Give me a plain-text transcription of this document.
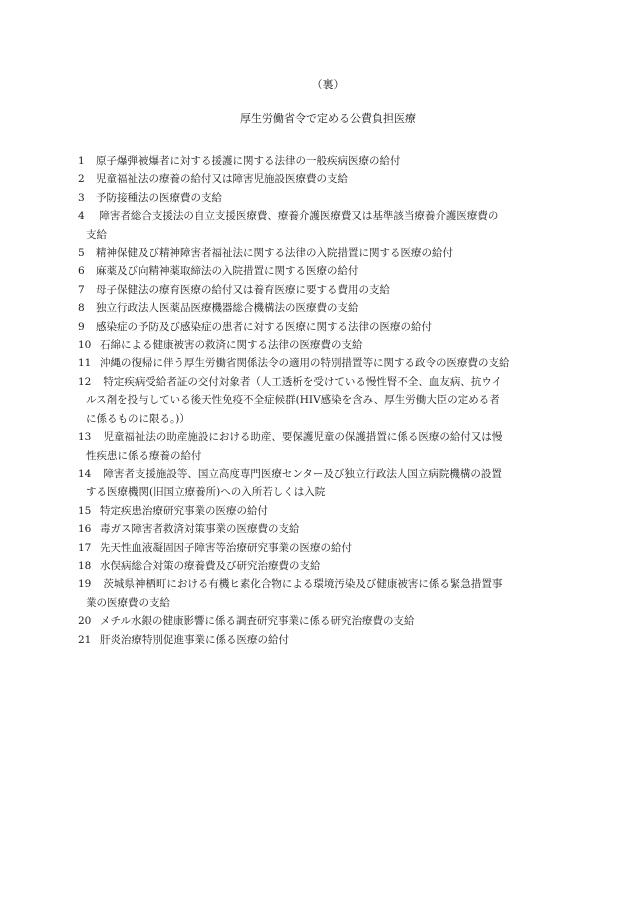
（裏）
厚生労働省令で定める公費負担医療
1	原子爆弾被爆者に対する援護に関する法律の一般疾病医療の給付
2	児童福祉法の療養の給付又は障害児施設医療費の支給
3	予防接種法の医療費の支給
4 障害者総合支援法の自立支援医療費、療養介護医療費又は基準該当療養介護医療費の
支給
5	精神保健及び精神障害者福祉法に関する法律の入院措置に関する医療の給付
6	麻薬及び向精神薬取締法の入院措置に関する医療の給付
7	母子保健法の療育医療の給付又は養育医療に要する費用の支給
8	独立行政法人医薬品医療機器総合機構法の医療費の支給
9	感染症の予防及び感染症の患者に対する医療に関する法律の医療の給付
10 石綿による健康被害の救済に関する法律の医療費の支給
11 沖縄の復帰に伴う厚生労働省関係法令の適用の特別措置等に関する政令の医療費の支給
12 特定疾病受給者証の交付対象者（人工透析を受けている慢性腎不全、血友病、抗ウイ
ルス剤を投与している後天性免疫不全症候群(HIV感染を含み、厚生労働大臣の定める者
に係るものに限る。)）
13 児童福祉法の助産施設における助産、要保護児童の保護措置に係る医療の給付又は慢
性疾患に係る療養の給付
14 障害者支援施設等、国立高度専門医療センター及び独立行政法人国立病院機構の設置
する医療機関(旧国立療養所)への入所若しくは入院
15 特定疾患治療研究事業の医療の給付
16 毒ガス障害者救済対策事業の医療費の支給
17 先天性血液凝固因子障害等治療研究事業の医療の給付
18 水俣病総合対策の療養費及び研究治療費の支給
19 茨城県神栖町における有機ヒ素化合物による環境汚染及び健康被害に係る緊急措置事
業の医療費の支給
20 メチル水銀の健康影響に係る調査研究事業に係る研究治療費の支給
21 肝炎治療特別促進事業に係る医療の給付
